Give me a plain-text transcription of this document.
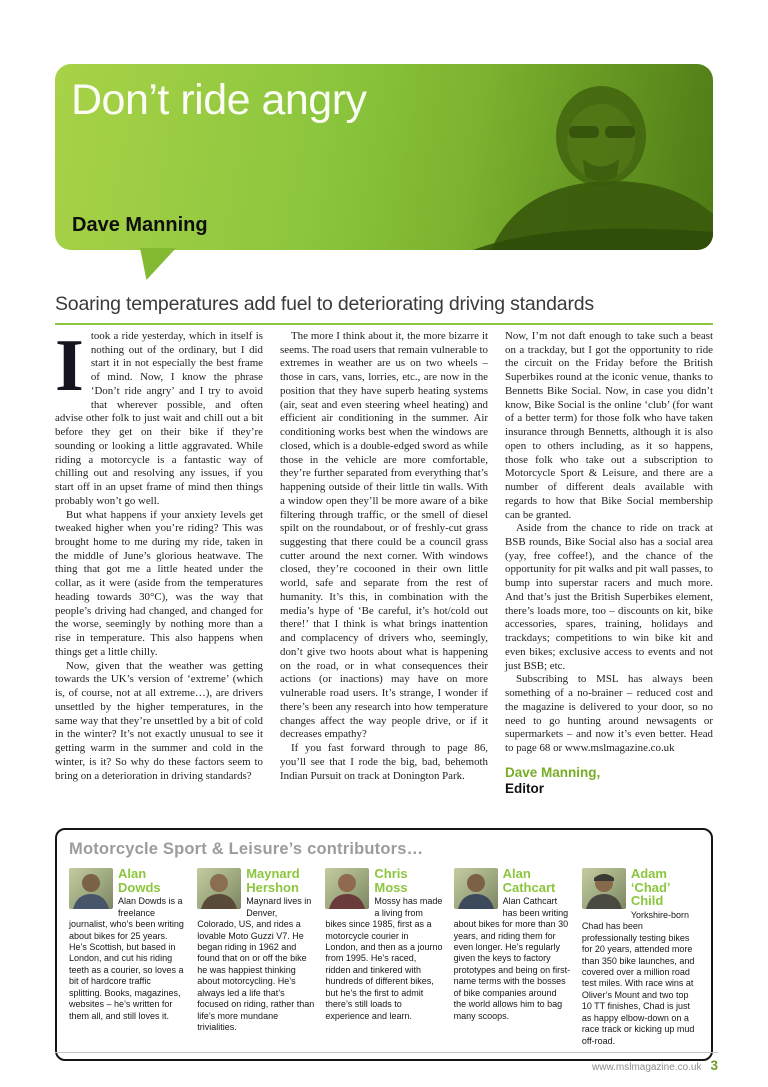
Don’t ride angry
Dave Manning
Soaring temperatures add fuel to deteriorating driving standards

Itook a ride yesterday, which in itself is nothing out of the ordinary, but I did start it in not especially the best frame of mind. Now, I know the phrase ‘Don’t ride angry’ and I try to avoid that wherever possible, and often advise other folk to just wait and chill out a bit before they get on their bike if they’re sounding or looking a little aggravated. While riding a motorcycle is a fantastic way of chilling out and resolving any issues, if you start off in an upset frame of mind then things probably won’t go well.

But what happens if your anxiety levels get tweaked higher when you’re riding? This was brought home to me during my ride, taken in the middle of June’s glorious heatwave. The thing that got me a little heated under the collar, as it were (aside from the temperatures heading towards 30°C), was the way that people’s driving had changed, and changed for the worse, seemingly by nothing more than a rise in temperature. This also happens when things get a little chilly.

Now, given that the weather was getting towards the UK’s version of ‘extreme’ (which is, of course, not at all extreme…), are drivers unsettled by the higher temperatures, in the same way that they’re unsettled by a bit of cold in the winter? It’s not exactly unusual to see it getting warm in the summer and cold in the winter, is it? So why do these factors seem to bring on a deterioration in driving standards?

The more I think about it, the more bizarre it seems. The road users that remain vulnerable to extremes in weather are us on two wheels – those in cars, vans, lorries, etc., are now in the position that they have superb heating systems (air, seat and even steering wheel heating) and efficient air conditioning in the summer. Air conditioning works best when the windows are closed, which is a double-edged sword as while those in the vehicle are more comfortable, they’re further separated from everything that’s happening outside of their little tin walls. With a window open they’ll be more aware of a bike filtering through traffic, or the smell of diesel spilt on the roundabout, or of freshly-cut grass suggesting that there could be a council grass cutter around the next corner. With windows closed, they’re cocooned in their own little world, safe and separate from the rest of humanity. It’s this, in combination with the media’s hype of ‘Be careful, it’s hot/cold out there!’ that I think is what brings inattention and complacency of drivers who, seemingly, don’t give two hoots about what is happening on the road, or in what consequences their actions (or inactions) may have on more vulnerable road users. It’s strange, I wonder if there’s been any research into how temperature changes affect the way people drive, or if it decreases empathy?

If you fast forward through to page 86, you’ll see that I rode the big, bad, behemoth Indian Pursuit on track at Donington Park.

Now, I’m not daft enough to take such a beast on a trackday, but I got the opportunity to ride the circuit on the Friday before the British Superbikes round at the iconic venue, thanks to Bennetts Bike Social. Now, in case you didn’t know, Bike Social is the online ‘club’ (for want of a better term) for those folk who have taken insurance through Bennetts, although it is also open to others including, as it so happens, those folk who take out a subscription to Motorcycle Sport & Leisure, and there are a number of different deals available with regards to how that Bike Social membership can be granted.

Aside from the chance to ride on track at BSB rounds, Bike Social also has a social area (yay, free coffee!), and the chance of the opportunity for pit walks and pit wall passes, to bump into superstar racers and much more. And that’s just the British Superbikes element, there’s loads more, too – discounts on kit, bike accessories, spares, training, holidays and trackdays; competitions to win bike kit and even bikes; exclusive access to events and not just BSB; etc.

Subscribing to MSL has always been something of a no-brainer – reduced cost and the magazine is delivered to your door, so no need to go hunting around newsagents or supermarkets – and now it’s even better. Head to page 68 or www.mslmagazine.co.uk

Dave Manning,
Editor
Motorcycle Sport & Leisure’s contributors…
Alan
Dowds
Alan Dowds is a freelance journalist, who’s been writing about bikes for 25 years. He’s Scottish, but based in London, and cut his riding teeth as a courier, so loves a bit of hardcore traffic splitting. Books, magazines, websites – he’s written for them all, and still loves it.
Maynard
Hershon
Maynard lives in Denver, Colorado, US, and rides a lovable Moto Guzzi V7. He began riding in 1962 and found that on or off the bike he was happiest thinking about motorcycling. He’s always led a life that’s focused on riding, rather than life’s more mundane trivialities.
Chris
Moss
Mossy has made a living from bikes since 1985, first as a motorcycle courier in London, and then as a journo from 1995. He’s raced, ridden and tinkered with hundreds of different bikes, but he’s the first to admit there’s still loads to experience and learn.
Alan
Cathcart
Alan Cathcart has been writing about bikes for more than 30 years, and riding them for even longer. He’s regularly given the keys to factory prototypes and being on first-name terms with the bosses of bike companies around the world allows him to bag many scoops.
Adam
‘Chad’ Child
Yorkshire-born Chad has been professionally testing bikes for 20 years, attended more than 350 bike launches, and covered over a million road test miles. With race wins at Oliver’s Mount and two top 10 TT finishes, Chad is just as happy elbow-down on a race track or kicking up mud off-road.
www.mslmagazine.co.uk 3
